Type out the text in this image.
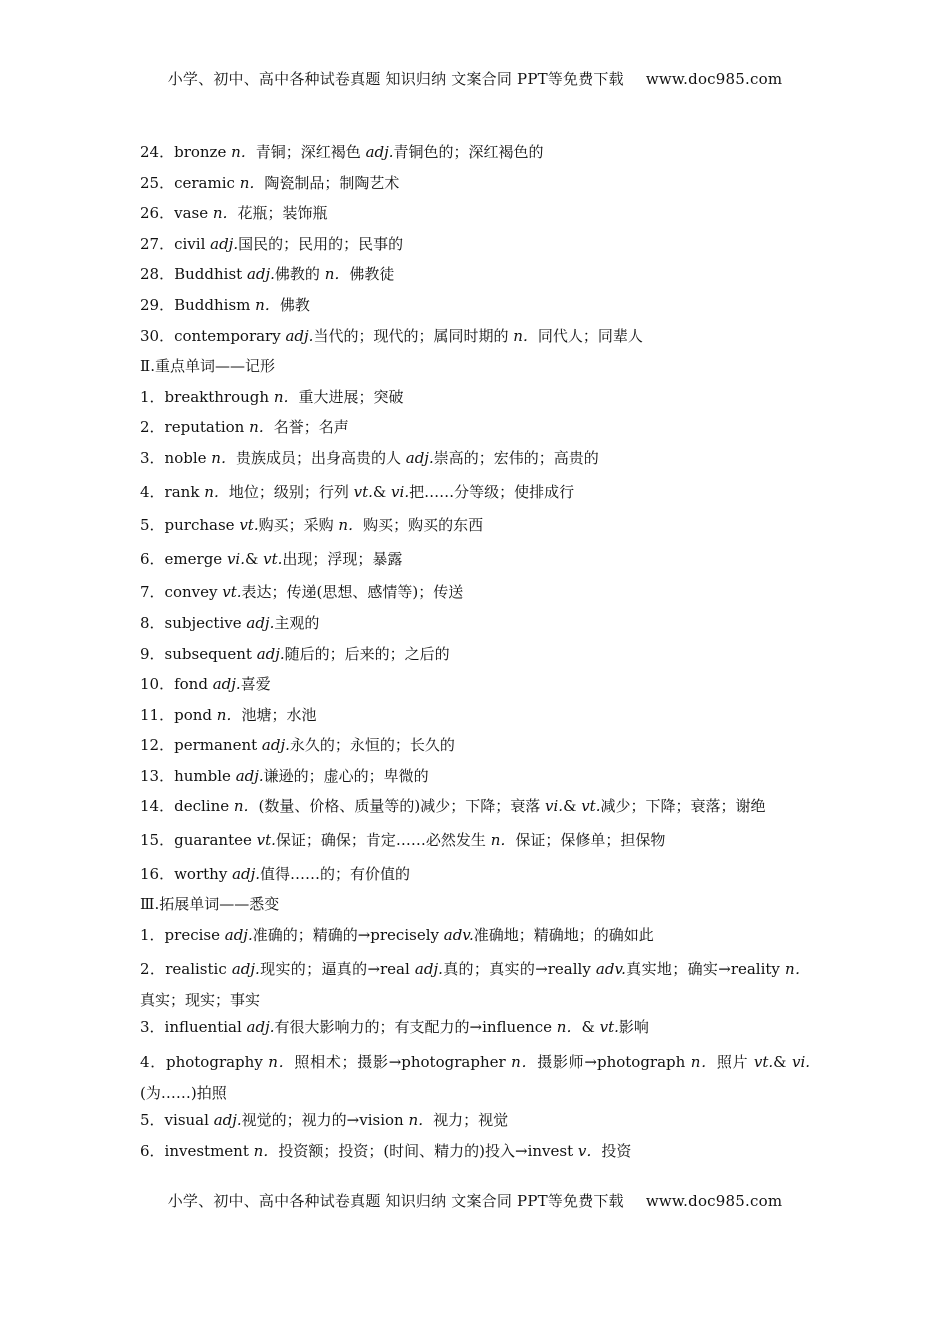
小学、初中、高中各种试卷真题 知识归纳 文案合同 PPT等免费下载 www.doc985.com
24．bronze n．青铜；深红褐色 adj.青铜色的；深红褐色的
25．ceramic n．陶瓷制品；制陶艺术
26．vase n．花瓶；装饰瓶
27．civil adj.国民的；民用的；民事的
28．Buddhist adj.佛教的 n．佛教徒
29．Buddhism n．佛教
30．contemporary adj.当代的；现代的；属同时期的 n．同代人；同辈人
Ⅱ.重点单词——记形
1．breakthrough n．重大进展；突破
2．reputation n．名誉；名声
3．noble n．贵族成员；出身高贵的人 adj.崇高的；宏伟的；高贵的
4．rank n．地位；级别；行列 vt.& vi.把……分等级；使排成行
5．purchase vt.购买；采购 n．购买；购买的东西
6．emerge vi.& vt.出现；浮现；暴露
7．convey vt.表达；传递(思想、感情等)；传送
8．subjective adj.主观的
9．subsequent adj.随后的；后来的；之后的
10．fond adj.喜爱
11．pond n．池塘；水池
12．permanent adj.永久的；永恒的；长久的
13．humble adj.谦逊的；虚心的；卑微的
14．decline n．(数量、价格、质量等的)减少；下降；衰落 vi.& vt.减少；下降；衰落；谢绝
15．guarantee vt.保证；确保；肯定……必然发生 n．保证；保修单；担保物
16．worthy adj.值得……的；有价值的
Ⅲ.拓展单词——悉变
1．precise adj.准确的；精确的→precisely adv.准确地；精确地；的确如此
2．realistic adj.现实的；逼真的→real adj.真的；真实的→really adv.真实地；确实→reality n．真实；现实；事实
3．influential adj.有很大影响力的；有支配力的→influence n．& vt.影响
4．photography n．照相术；摄影→photographer n．摄影师→photograph n．照片 vt.& vi.(为……)拍照
5．visual adj.视觉的；视力的→vision n．视力；视觉
6．investment n．投资额；投资；(时间、精力的)投入→invest v．投资
小学、初中、高中各种试卷真题 知识归纳 文案合同 PPT等免费下载 www.doc985.com
